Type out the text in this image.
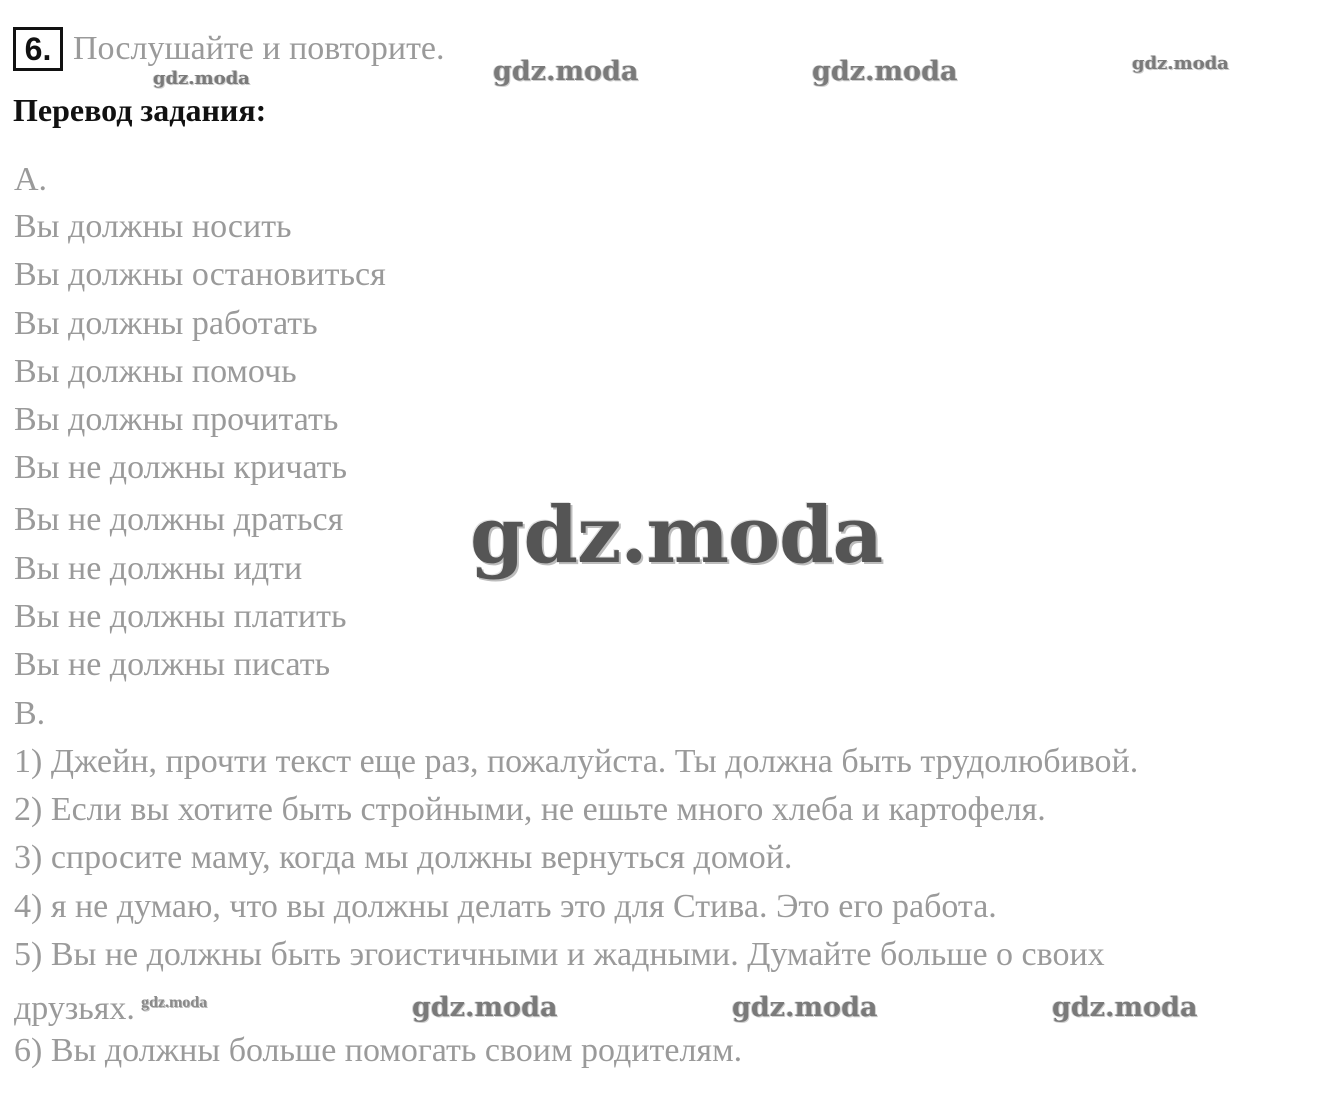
6. Послушайте и повторите.
Перевод задания:

A.

Вы должны носить

Вы должны остановиться

Вы должны работать

Вы должны помочь

Вы должны прочитать

Вы не должны кричать

Вы не должны драться

Вы не должны идти

Вы не должны платить

Вы не должны писать

B.

1) Джейн, прочти текст еще раз, пожалуйста. Ты должна быть трудолюбивой.

2) Если вы хотите быть стройными, не ешьте много хлеба и картофеля.

3) спросите маму, когда мы должны вернуться домой.

4) я не думаю, что вы должны делать это для Стива. Это его работа.

5) Вы не должны быть эгоистичными и жадными. Думайте больше о своих

друзьях. $^{gdz.moda}$

6) Вы должны больше помогать своим родителям.

gdz.moda	gdz.moda	gdz.moda	gdz.moda
gdz.moda
gdz.moda	gdz.moda	gdz.moda
